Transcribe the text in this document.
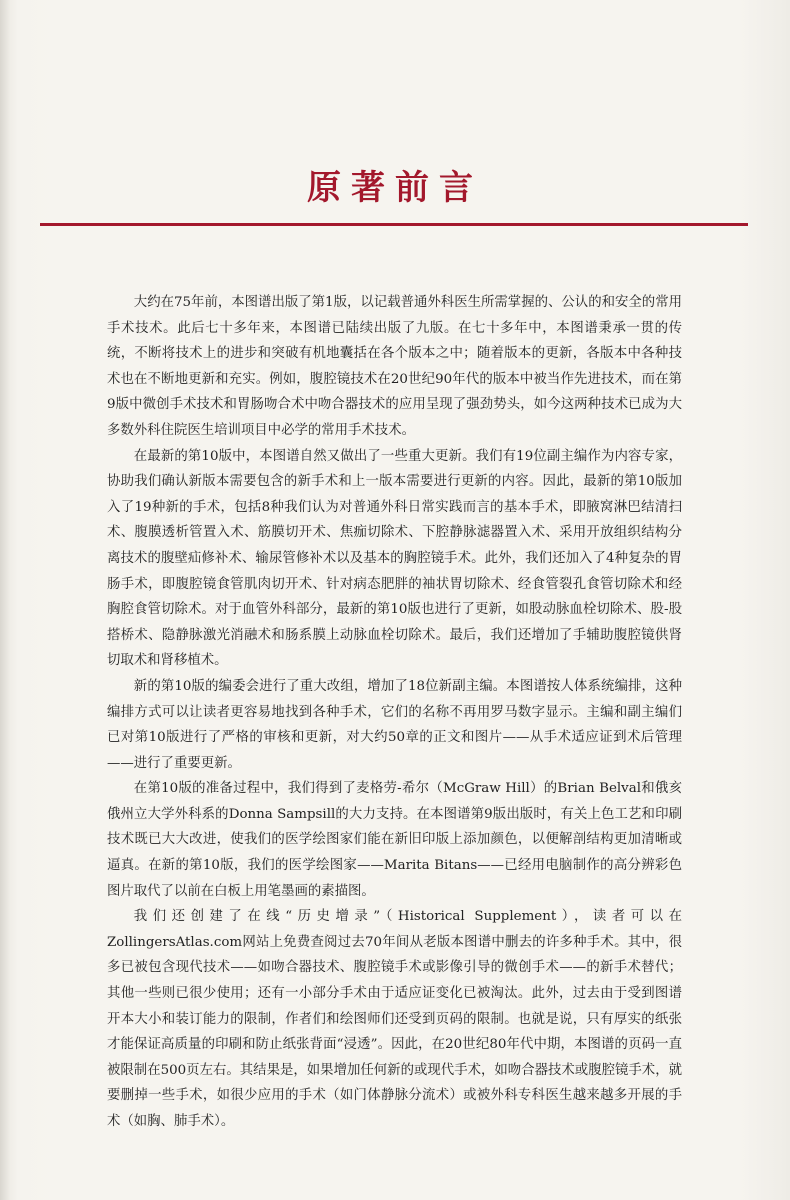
原著前言

大约在75年前，本图谱出版了第1版，以记载普通外科医生所需掌握的、公认的和安全的常用手术技术。此后七十多年来，本图谱已陆续出版了九版。在七十多年中，本图谱秉承一贯的传统，不断将技术上的进步和突破有机地囊括在各个版本之中；随着版本的更新，各版本中各种技术也在不断地更新和充实。例如，腹腔镜技术在20世纪90年代的版本中被当作先进技术，而在第9版中微创手术技术和胃肠吻合术中吻合器技术的应用呈现了强劲势头，如今这两种技术已成为大多数外科住院医生培训项目中必学的常用手术技术。

在最新的第10版中，本图谱自然又做出了一些重大更新。我们有19位副主编作为内容专家，协助我们确认新版本需要包含的新手术和上一版本需要进行更新的内容。因此，最新的第10版加入了19种新的手术，包括8种我们认为对普通外科日常实践而言的基本手术，即腋窝淋巴结清扫术、腹膜透析管置入术、筋膜切开术、焦痂切除术、下腔静脉滤器置入术、采用开放组织结构分离技术的腹壁疝修补术、输尿管修补术以及基本的胸腔镜手术。此外，我们还加入了4种复杂的胃肠手术，即腹腔镜食管肌肉切开术、针对病态肥胖的袖状胃切除术、经食管裂孔食管切除术和经胸腔食管切除术。对于血管外科部分，最新的第10版也进行了更新，如股动脉血栓切除术、股-股搭桥术、隐静脉激光消融术和肠系膜上动脉血栓切除术。最后，我们还增加了手辅助腹腔镜供肾切取术和肾移植术。

新的第10版的编委会进行了重大改组，增加了18位新副主编。本图谱按人体系统编排，这种编排方式可以让读者更容易地找到各种手术，它们的名称不再用罗马数字显示。主编和副主编们已对第10版进行了严格的审核和更新，对大约50章的正文和图片——从手术适应证到术后管理——进行了重要更新。

在第10版的准备过程中，我们得到了麦格劳-希尔（McGraw Hill）的Brian Belval和俄亥俄州立大学外科系的Donna Sampsill的大力支持。在本图谱第9版出版时，有关上色工艺和印刷技术既已大大改进，使我们的医学绘图家们能在新旧印版上添加颜色，以便解剖结构更加清晰或逼真。在新的第10版，我们的医学绘图家——Marita Bitans——已经用电脑制作的高分辨彩色图片取代了以前在白板上用笔墨画的素描图。

我们还创建了在线“历史增录”（Historical Supplement），读者可以在ZollingersAtlas.com网站上免费查阅过去70年间从老版本图谱中删去的许多种手术。其中，很多已被包含现代技术——如吻合器技术、腹腔镜手术或影像引导的微创手术——的新手术替代；其他一些则已很少使用；还有一小部分手术由于适应证变化已被淘汰。此外，过去由于受到图谱开本大小和装订能力的限制，作者们和绘图师们还受到页码的限制。也就是说，只有厚实的纸张才能保证高质量的印刷和防止纸张背面“浸透”。因此，在20世纪80年代中期，本图谱的页码一直被限制在500页左右。其结果是，如果增加任何新的或现代手术，如吻合器技术或腹腔镜手术，就要删掉一些手术，如很少应用的手术（如门体静脉分流术）或被外科专科医生越来越多开展的手术（如胸、肺手术）。
